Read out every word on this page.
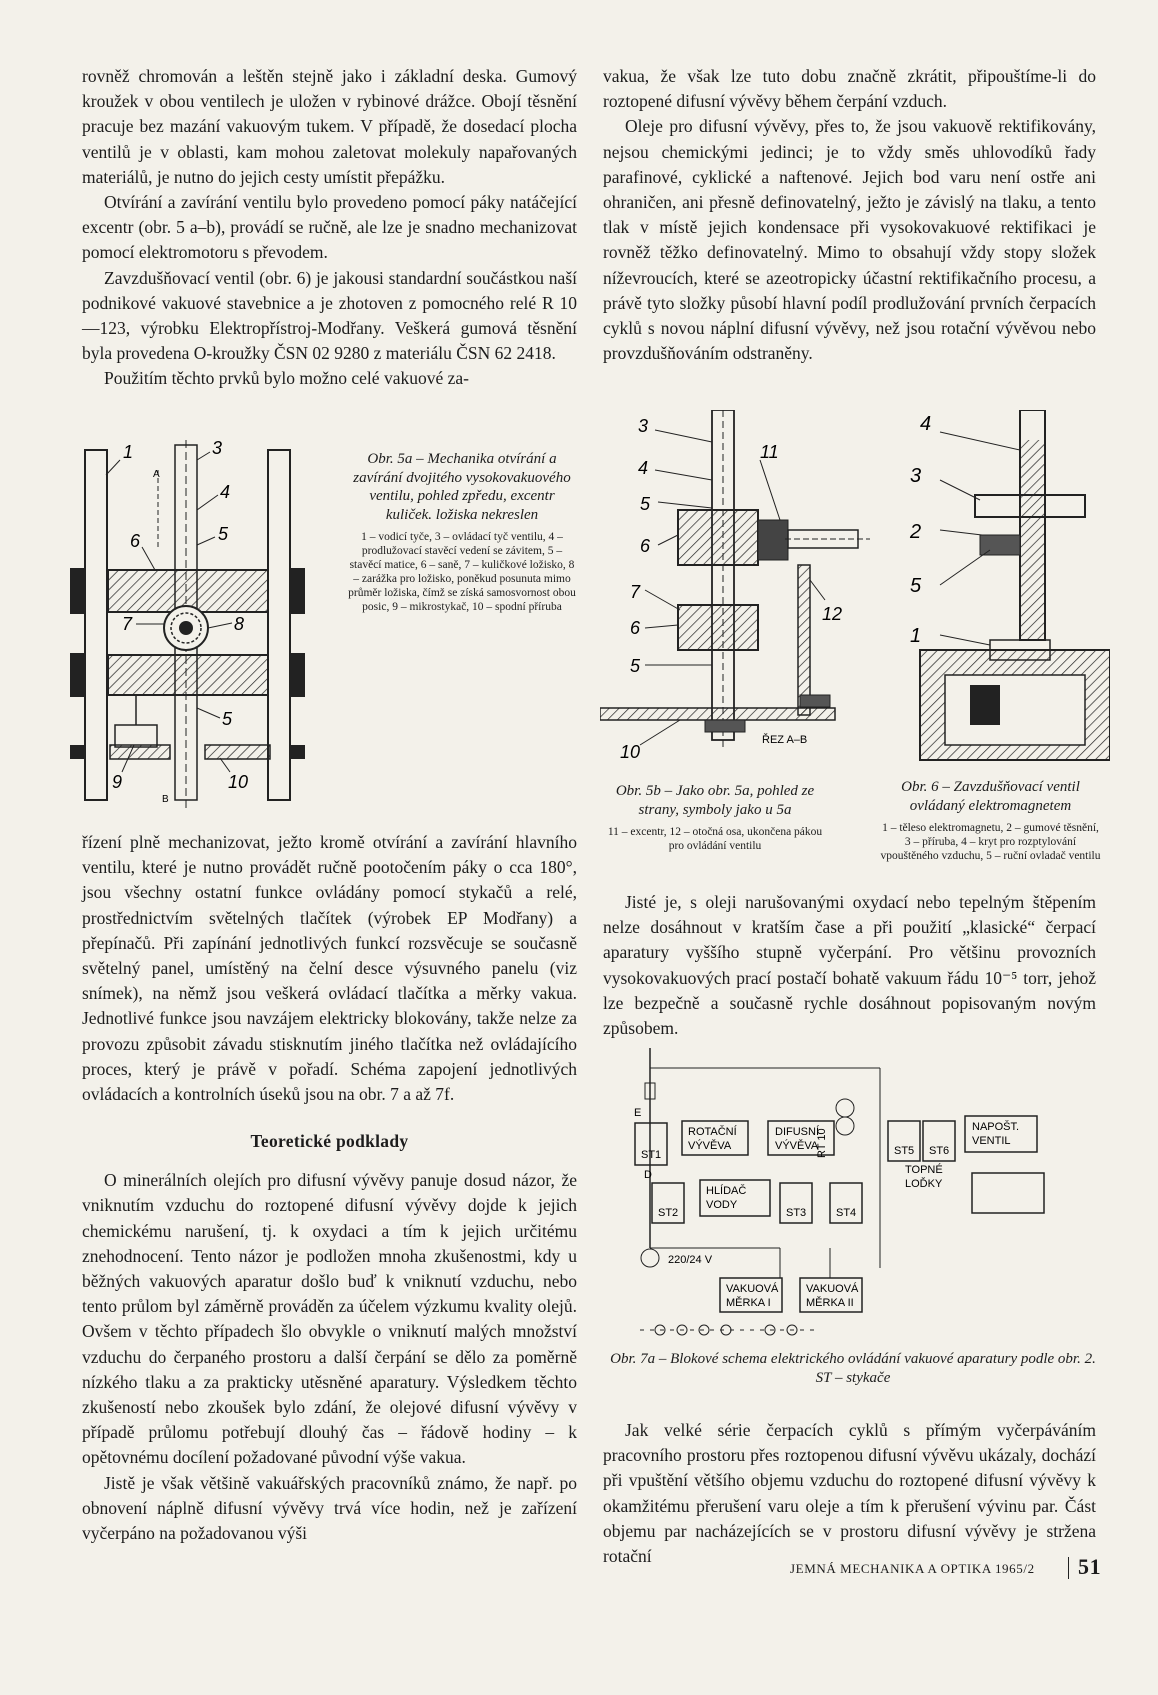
rovněž chromován a leštěn stejně jako i základní deska. Gumový kroužek v obou ventilech je uložen v rybinové drážce. Obojí těsnění pracuje bez mazání vakuovým tukem. V případě, že dosedací plocha ventilů je v oblasti, kam mohou zaletovat molekuly napařovaných materiálů, je nutno do jejich cesty umístit přepážku.

Otvírání a zavírání ventilu bylo provedeno pomocí páky natáčející excentr (obr. 5 a–b), provádí se ručně, ale lze je snadno mechanizovat pomocí elektromotoru s převodem.

Zavzdušňovací ventil (obr. 6) je jakousi standardní součástkou naší podnikové vakuové stavebnice a je zhotoven z pomocného relé R 10—123, výrobku Elektropřístroj-Modřany. Veškerá gumová těsnění byla provedena O-kroužky ČSN 02 9280 z materiálu ČSN 62 2418.

Použitím těchto prvků bylo možno celé vakuové za-

1
A
3
4
5
6
7	8
5
9
B
10
Obr. 5a – Mechanika otvírání a zavírání dvojitého vysokovakuového ventilu, pohled zpředu, excentr kuliček. ložiska nekreslen
1 – vodicí tyče, 3 – ovládací tyč ventilu, 4 – prodlužovací stavěcí vedení se závitem, 5 – stavěcí matice, 6 – saně, 7 – kuličkové ložisko, 8 – zarážka pro ložisko, poněkud posunuta mimo průměr ložiska, čímž se získá samosvornost obou posic, 9 – mikrostykač, 10 – spodní příruba

řízení plně mechanizovat, ježto kromě otvírání a zavírání hlavního ventilu, které je nutno provádět ručně pootočením páky o cca 180°, jsou všechny ostatní funkce ovládány pomocí stykačů a relé, prostřednictvím světelných tlačítek (výrobek EP Modřany) a přepínačů. Při zapínání jednotlivých funkcí rozsvěcuje se současně světelný panel, umístěný na čelní desce výsuvného panelu (viz snímek), na němž jsou veškerá ovládací tlačítka a měrky vakua. Jednotlivé funkce jsou navzájem elektricky blokovány, takže nelze za provozu způsobit závadu stisknutím jiného tlačítka než ovládajícího proces, který je právě v pořadí. Schéma zapojení jednotlivých ovládacích a kontrolních úseků jsou na obr. 7 a až 7f.

Teoretické podklady

O minerálních olejích pro difusní vývěvy panuje dosud názor, že vniknutím vzduchu do roztopené difusní vývěvy dojde k jejich chemickému narušení, tj. k oxydaci a tím k jejich určitému znehodnocení. Tento názor je podložen mnoha zkušenostmi, kdy u běžných vakuových aparatur došlo buď k vniknutí vzduchu, nebo tento průlom byl záměrně prováděn za účelem výzkumu kvality olejů. Ovšem v těchto případech šlo obvykle o vniknutí malých množství vzduchu do čerpaného prostoru a další čerpání se dělo za poměrně nízkého tlaku a za prakticky utěsněné aparatury. Výsledkem těchto zkušeností nebo zkoušek bylo zdání, že olejové difusní vývěvy v případě průlomu potřebují dlouhý čas – řádově hodiny – k opětovnému docílení požadované původní výše vakua.

Jistě je však většině vakuářských pracovníků známo, že např. po obnovení náplně difusní vývěvy trvá více hodin, než je zařízení vyčerpáno na požadovanou výši

vakua, že však lze tuto dobu značně zkrátit, připouštíme-li do roztopené difusní vývěvy během čerpání vzduch.

Oleje pro difusní vývěvy, přes to, že jsou vakuově rektifikovány, nejsou chemickými jedinci; je to vždy směs uhlovodíků řady parafinové, cyklické a naftenové. Jejich bod varu není ostře ani ohraničen, ani přesně definovatelný, ježto je závislý na tlaku, a tento tlak v místě jejich kondensace při vysokovakuové rektifikaci je rovněž těžko definovatelný. Mimo to obsahují vždy stopy složek níževroucích, které se azeotropicky účastní rektifikačního procesu, a právě tyto složky působí hlavní podíl prodlužování prvních čerpacích cyklů s novou náplní difusní vývěvy, než jsou rotační vývěvou nebo provzdušňováním odstraněny.

3
4
5
6
7
6
5
10
11
12
ŘEZ A–B
4
3
2
5
1
Obr. 5b – Jako obr. 5a, pohled ze strany, symboly jako u 5a
11 – excentr, 12 – otočná osa, ukončena pákou pro ovládání ventilu
Obr. 6 – Zavzdušňovací ventil ovládaný elektromagnetem
1 – těleso elektromagnetu, 2 – gumové těsnění, 3 – příruba, 4 – kryt pro rozptylování vpouštěného vzduchu, 5 – ruční ovladač ventilu

Jisté je, s oleji narušovanými oxydací nebo tepelným štěpením nelze dosáhnout v kratším čase a při použití „klasické“ čerpací aparatury vyššího stupně vyčerpání. Pro většinu provozních vysokovakuových prací postačí bohatě vakuum řádu 10⁻⁵ torr, jehož lze bezpečně a současně rychle dosáhnout popisovaným novým způsobem.

ST1
E
ROTAČNÍ
VÝVĚVA
DIFUSNÍ
VÝVĚVA
ST2
D
HLÍDAČ
VODY
ST3
RT 10
ST4
ST5 ST6
NAPOŠT.
VENTIL
TOPNÉ
LOĎKY
220/24 V
VAKUOVÁ
MĚRKA I
VAKUOVÁ
MĚRKA II
Obr. 7a – Blokové schema elektrického ovládání vakuové aparatury podle obr. 2. ST – stykače

Jak velké série čerpacích cyklů s přímým vyčerpáváním pracovního prostoru přes roztopenou difusní vývěvu ukázaly, dochází při vpuštění většího objemu vzduchu do roztopené difusní vývěvy k okamžitému přerušení varu oleje a tím k přerušení vývinu par. Část objemu par nacházejících se v prostoru difusní vývěvy je stržena rotační

JEMNÁ MECHANIKA A OPTIKA 1965/2 51
